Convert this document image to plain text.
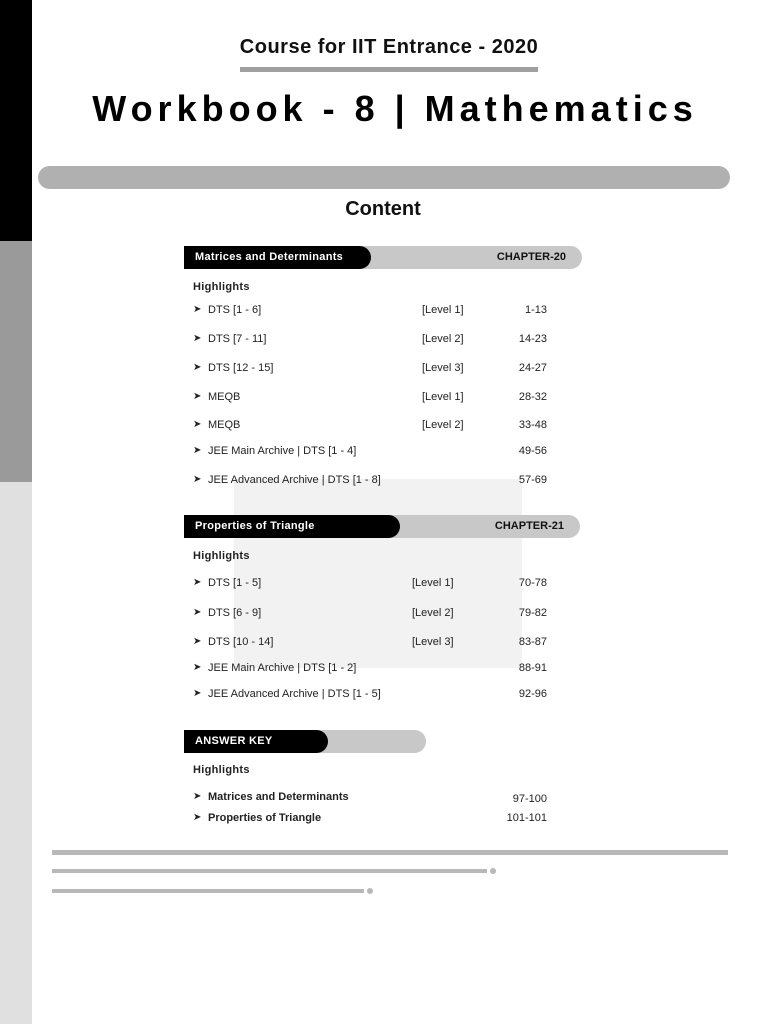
Course for IIT Entrance - 2020
Workbook - 8 | Mathematics
Content
Matrices and Determinants	CHAPTER-20
Highlights
➤ DTS [1 - 6]	[Level 1]	1-13
➤ DTS [7 - 11]	[Level 2]	14-23
➤ DTS [12 - 15]	[Level 3]	24-27
➤ MEQB	[Level 1]	28-32
➤ MEQB	[Level 2]	33-48
➤ JEE Main Archive | DTS [1 - 4]	49-56
➤ JEE Advanced Archive | DTS [1 - 8]	57-69
Properties of Triangle	CHAPTER-21
Highlights
➤ DTS [1 - 5]	[Level 1]	70-78
➤ DTS [6 - 9]	[Level 2]	79-82
➤ DTS [10 - 14]	[Level 3]	83-87
➤ JEE Main Archive | DTS [1 - 2]	88-91
➤ JEE Advanced Archive | DTS [1 - 5]	92-96
ANSWER KEY
Highlights
➤ Matrices and Determinants	97-100
➤ Properties of Triangle	101-101
